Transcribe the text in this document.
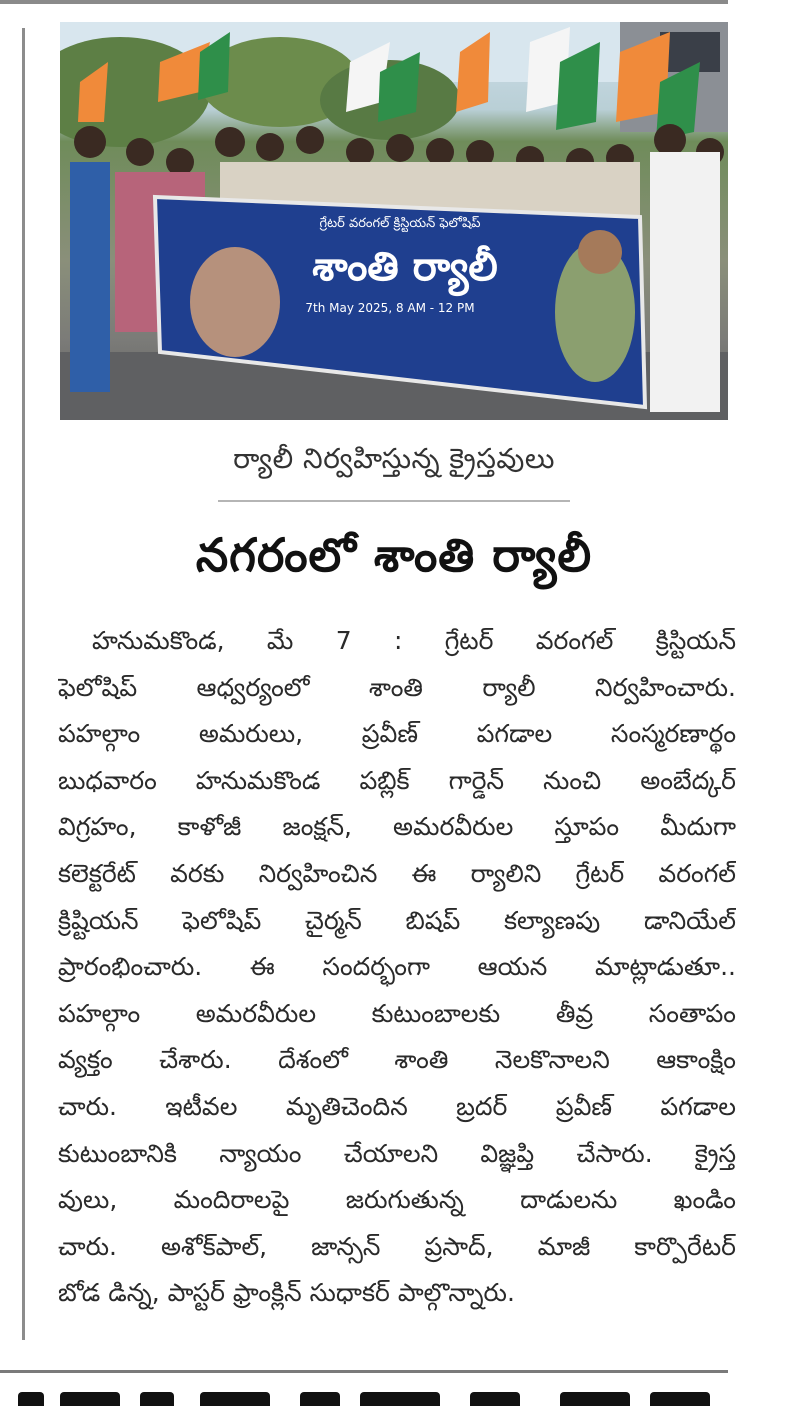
గ్రేటర్ వరంగల్ క్రిస్టియన్ ఫెలోషిప్
శాంతి ర్యాలీ
7th May 2025, 8 AM - 12 PM
ర్యాలీ నిర్వహిస్తున్న క్రైస్తవులు
నగరంలో శాంతి ర్యాలీ
హనుమకొండ, మే 7 : గ్రేటర్ వరంగల్ క్రిస్టియన్
ఫెలోషిప్ ఆధ్వర్యంలో శాంతి ర్యాలీ నిర్వహించారు.
పహల్గాం అమరులు, ప్రవీణ్ పగడాల సంస్మరణార్థం
బుధవారం హనుమకొండ పబ్లిక్ గార్డెన్ నుంచి అంబేద్కర్
విగ్రహం, కాళోజీ జంక్షన్, అమరవీరుల స్తూపం మీదుగా
కలెక్టరేట్ వరకు నిర్వహించిన ఈ ర్యాలిని గ్రేటర్ వరంగల్
క్రిష్టియన్ ఫెలోషిప్ చైర్మన్ బిషప్ కల్యాణపు డానియేల్
ప్రారంభించారు. ఈ సందర్భంగా ఆయన మాట్లాడుతూ..
పహల్గాం అమరవీరుల కుటుంబాలకు తీవ్ర సంతాపం
వ్యక్తం చేశారు. దేశంలో శాంతి నెలకొనాలని ఆకాంక్షిం
చారు. ఇటీవల మృతిచెందిన బ్రదర్ ప్రవీణ్ పగడాల
కుటుంబానికి న్యాయం చేయాలని విజ్ఞప్తి చేసారు. క్రైస్త
వులు, మందిరాలపై జరుగుతున్న దాడులను ఖండిం
చారు. అశోక్‌పాల్, జాన్సన్ ప్రసాద్, మాజీ కార్పొరేటర్
బోడ డిన్న, పాస్టర్ ఫ్రాంక్లిన్ సుధాకర్ పాల్గొన్నారు.
